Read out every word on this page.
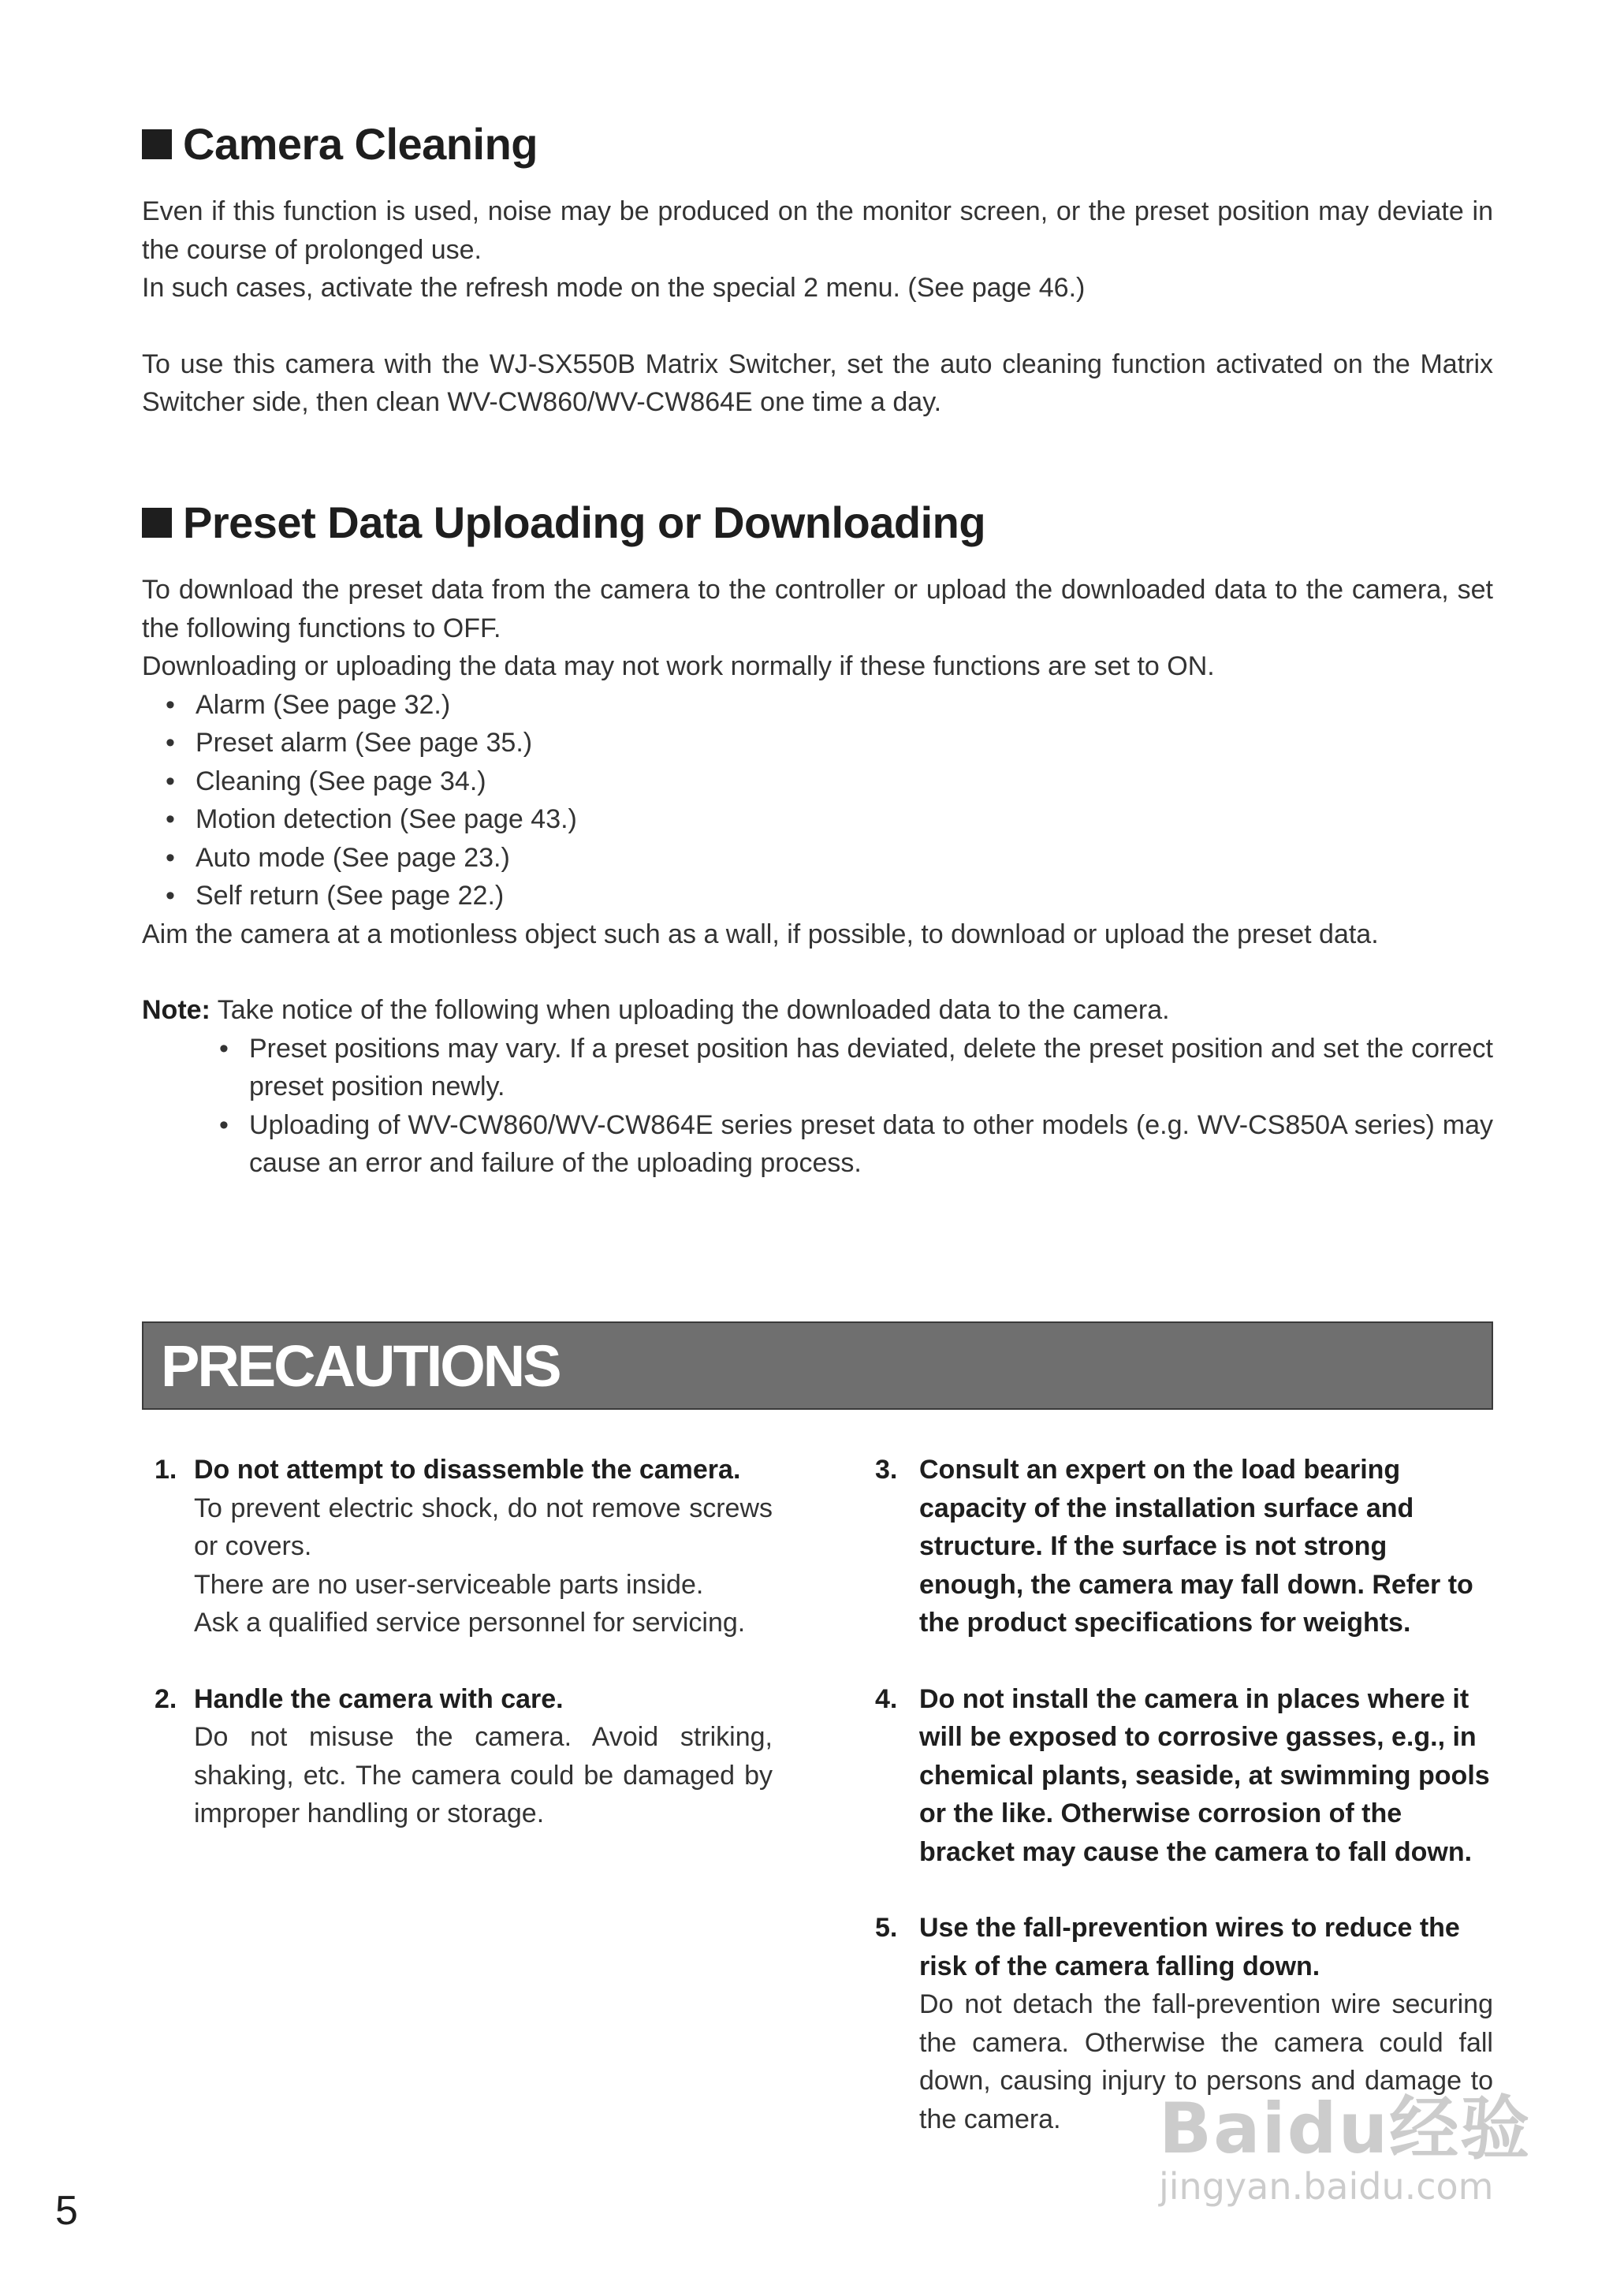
Camera Cleaning
Even if this function is used, noise may be produced on the monitor screen, or the preset position may deviate in the course of prolonged use.
In such cases, activate the refresh mode on the special 2 menu. (See page 46.)
To use this camera with the WJ-SX550B Matrix Switcher, set the auto cleaning function activated on the Matrix Switcher side, then clean WV-CW860/WV-CW864E one time a day.
Preset Data Uploading or Downloading
To download the preset data from the camera to the controller or upload the downloaded data to the camera, set the following functions to OFF.
Downloading or uploading the data may not work normally if these functions are set to ON.
• Alarm (See page 32.)
• Preset alarm (See page 35.)
• Cleaning (See page 34.)
• Motion detection (See page 43.)
• Auto mode (See page 23.)
• Self return (See page 22.)
Aim the camera at a motionless object such as a wall, if possible, to download or upload the preset data.
Note: Take notice of the following when uploading the downloaded data to the camera.
• Preset positions may vary. If a preset position has deviated, delete the preset position and set the correct preset position newly.
• Uploading of WV-CW860/WV-CW864E series preset data to other models (e.g. WV-CS850A series) may cause an error and failure of the uploading process.
PRECAUTIONS
1. Do not attempt to disassemble the camera.
To prevent electric shock, do not remove screws or covers.
There are no user-serviceable parts inside.
Ask a qualified service personnel for servicing.
2. Handle the camera with care.
Do not misuse the camera. Avoid striking, shaking, etc. The camera could be damaged by improper handling or storage.
3. Consult an expert on the load bearing capacity of the installation surface and structure. If the surface is not strong enough, the camera may fall down. Refer to the product specifications for weights.
4. Do not install the camera in places where it will be exposed to corrosive gasses, e.g., in chemical plants, seaside, at swimming pools or the like. Otherwise corrosion of the bracket may cause the camera to fall down.
5. Use the fall-prevention wires to reduce the risk of the camera falling down.
Do not detach the fall-prevention wire securing the camera. Otherwise the camera could fall down, causing injury to persons and damage to the camera.
5
Baidu经验
jingyan.baidu.com
